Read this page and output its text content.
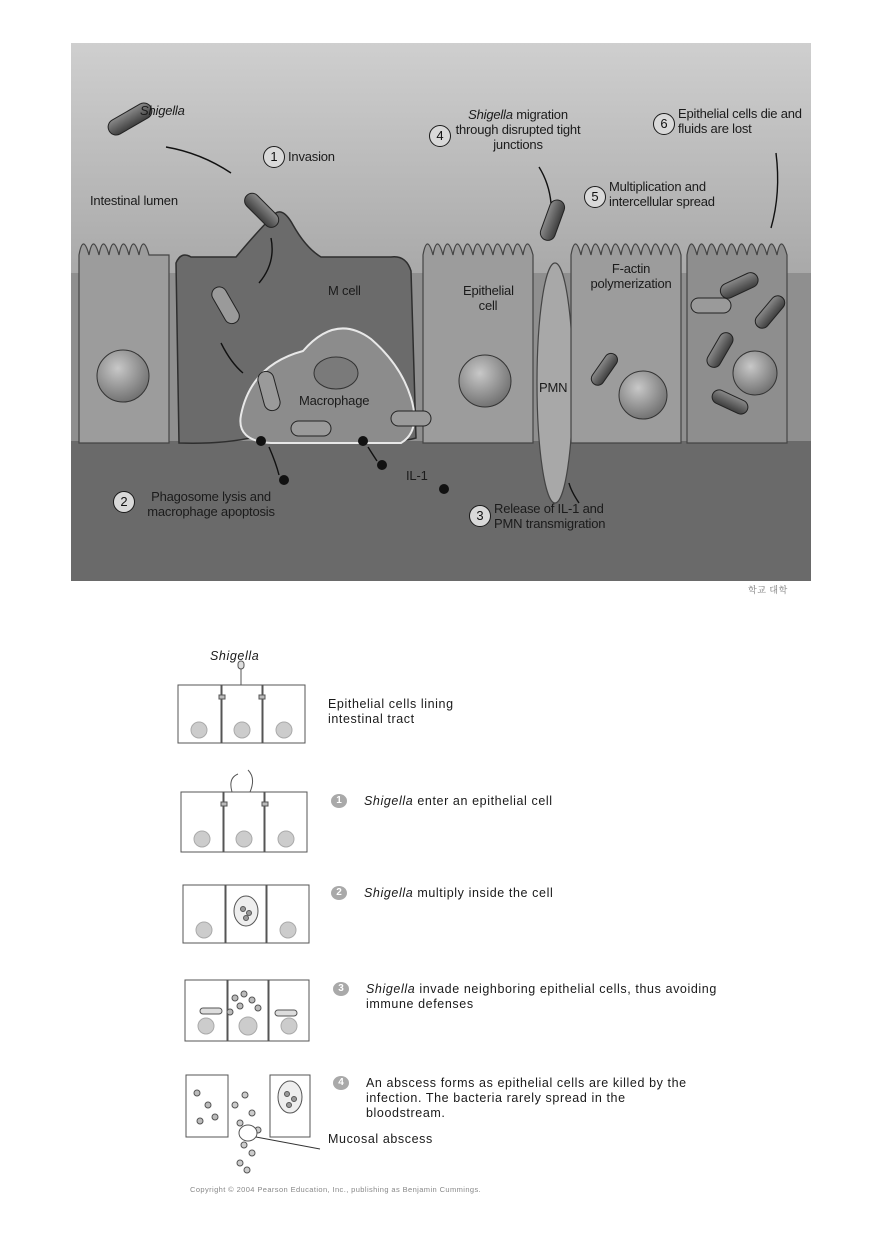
Shigella
Intestinal lumen
M cell	Epithelial cell
Macrophage
PMN
IL-1
F-actin polymerization
1 Invasion
2	Phagosome lysis and macrophage apoptosis	3 Release of IL-1 and PMN transmigration
4
Shigella migration through disrupted tight junctions
5
Multiplication and intercellular spread
6
Epithelial cells die and fluids are lost
학교 대학
Shigella
Epithelial cells lining intestinal tract
1	Shigella enter an epithelial cell
2	Shigella multiply inside the cell
3	Shigella invade neighboring epithelial cells, thus avoiding immune defenses
4	An abscess forms as epithelial cells are killed by the infection. The bacteria rarely spread in the bloodstream.
Mucosal abscess
Copyright © 2004 Pearson Education, Inc., publishing as Benjamin Cummings.
